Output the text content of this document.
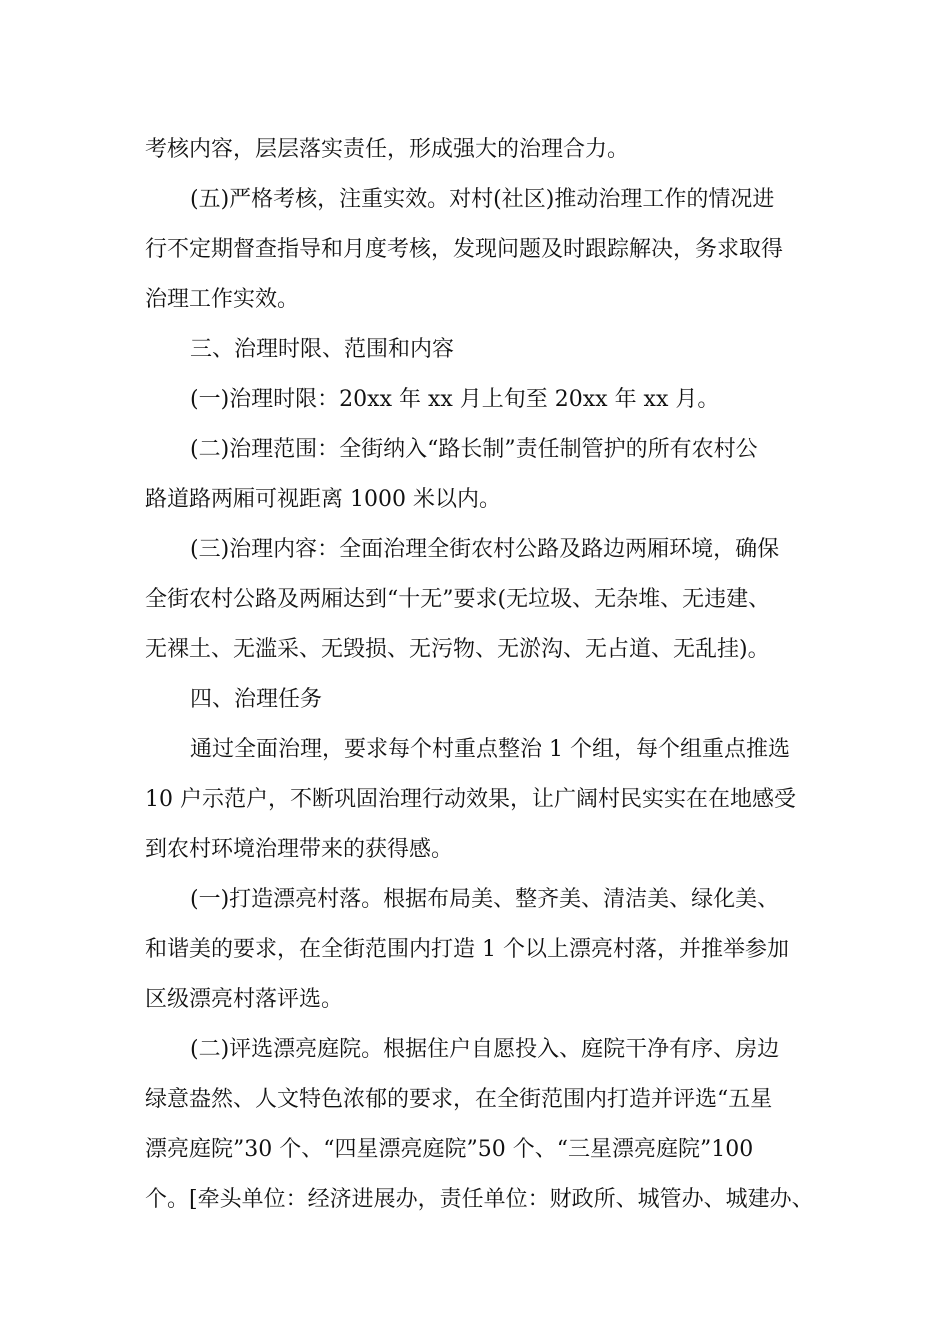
考核内容，层层落实责任，形成强大的治理合力。
(五)严格考核，注重实效。对村(社区)推动治理工作的情况进
行不定期督查指导和月度考核，发现问题及时跟踪解决，务求取得
治理工作实效。
三、治理时限、范围和内容
(一)治理时限：20xx 年 xx 月上旬至 20xx 年 xx 月。
(二)治理范围：全街纳入“路长制”责任制管护的所有农村公
路道路两厢可视距离 1000 米以内。
(三)治理内容：全面治理全街农村公路及路边两厢环境，确保
全街农村公路及两厢达到“十无”要求(无垃圾、无杂堆、无违建、
无裸土、无滥采、无毁损、无污物、无淤沟、无占道、无乱挂)。
四、治理任务
通过全面治理，要求每个村重点整治 1 个组，每个组重点推选
10 户示范户，不断巩固治理行动效果，让广阔村民实实在在地感受
到农村环境治理带来的获得感。
(一)打造漂亮村落。根据布局美、整齐美、清洁美、绿化美、
和谐美的要求，在全街范围内打造 1 个以上漂亮村落，并推举参加
区级漂亮村落评选。
(二)评选漂亮庭院。根据住户自愿投入、庭院干净有序、房边
绿意盎然、人文特色浓郁的要求，在全街范围内打造并评选“五星
漂亮庭院”30 个、“四星漂亮庭院”50 个、“三星漂亮庭院”100
个。[牵头单位：经济进展办，责任单位：财政所、城管办、城建办、
